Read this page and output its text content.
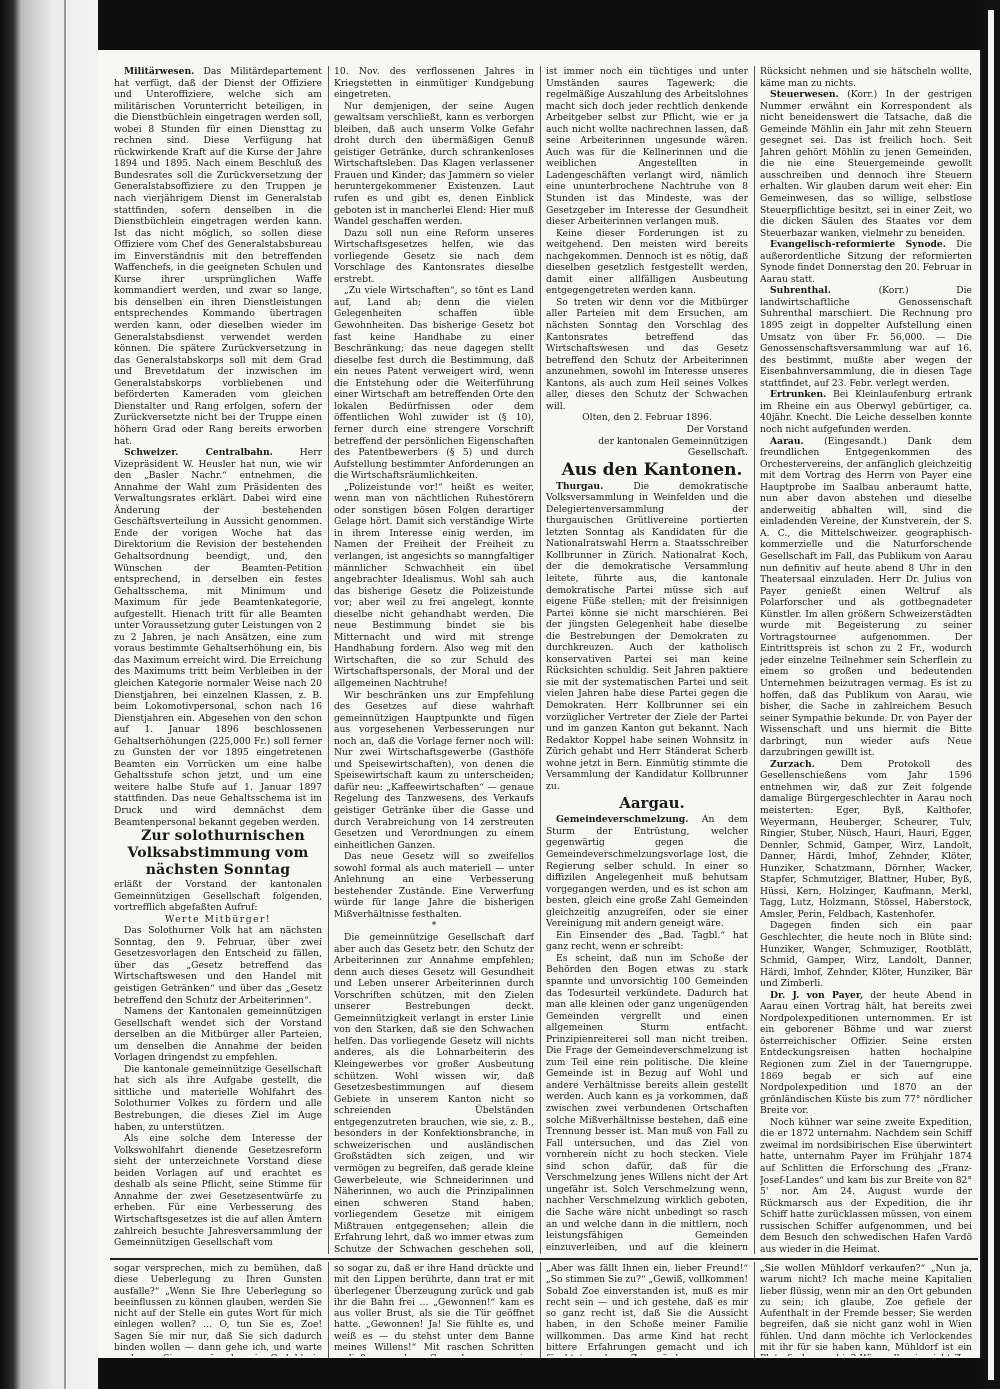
Militärwesen. Das Militärdepartement hat verfügt, daß der Dienst der Offiziere und Unteroffiziere, welche sich am militärischen Vorunterricht beteiligen, in die Dienstbüchlein eingetragen werden soll, wobei 8 Stunden für einen Diensttag zu rechnen sind. Diese Verfügung hat rückwirkende Kraft auf die Kurse der Jahre 1894 und 1895. Nach einem Beschluß des Bundesrates soll die Zurückversetzung der Generalstabsoffiziere zu den Truppen je nach vierjährigem Dienst im Generalstab stattfinden, sofern denselben in die Dienstbüchlein eingetragen werden kann. Ist das nicht möglich, so sollen diese Offiziere vom Chef des Generalstabsbureau im Einverständnis mit den betreffenden Waffenchefs, in die geeigneten Schulen und Kurse ihrer ursprünglichen Waffe kommandiert werden, und zwar so lange, bis denselben ein ihren Dienstleistungen entsprechendes Kommando übertragen werden kann, oder dieselben wieder im Generalstabsdienst verwendet werden können. Die spätere Zurückversetzung in das Generalstabskorps soll mit dem Grad und Brevetdatum der inzwischen im Generalstabskorps vorbliebenen und beförderten Kameraden vom gleichen Dienstalter und Rang erfolgen, sofern der Zurückversetzte nicht bei der Truppe einen höhern Grad oder Rang bereits erworben hat.

Schweizer. Centralbahn.	Herr Vizepräsident W. Heusler hat nun, wie wir den „Basler Nachr.“ entnehmen, die Annahme der Wahl zum Präsidenten des Verwaltungsrates erklärt. Dabei wird eine Änderung der bestehenden Geschäftsverteilung in Aussicht genommen. Ende der vorigen Woche hat das Direktorium die Revision der bestehenden Gehaltsordnung beendigt, und, den Wünschen der Beamten-Petition entsprechend, in derselben ein festes Gehaltsschema, mit Minimum und Maximum für jede Beamtenkategorie, aufgestellt. Hienach tritt für alle Beamten unter Voraussetzung guter Leistungen von 2 zu 2 Jahren, je nach Ansätzen, eine zum voraus bestimmte Gehaltserhöhung ein, bis das Maximum erreicht wird. Die Erreichung des Maximums tritt beim Verbleiben in der gleichen Kategorie normaler Weise nach 20 Dienstjahren, bei einzelnen Klassen, z. B. beim Lokomotivpersonal, schon nach 16 Dienstjahren ein. Abgesehen von den schon auf 1. Januar 1896 beschlossenen Gehaltserhöhungen (225,000 Fr.) soll ferner zu Gunsten der vor 1895 eingetretenen Beamten ein Vorrücken um eine halbe Gehaltsstufe schon jetzt, und um eine weitere halbe Stufe auf 1. Januar 1897 stattfinden. Das neue Gehaltsschema ist im Druck und wird demnächst dem Beamtenpersonal bekannt gegeben werden.

Zur solothurnischen Volksabstimmung vom nächsten Sonntag

erläßt der Vorstand der kantonalen Gemeinnützigen Gesellschaft folgenden, vortrefflich abgefaßten Aufruf:

Werte Mitbürger!

Das Solothurner Volk hat am nächsten Sonntag, den 9. Februar, über zwei Gesetzesvorlagen den Entscheid zu fällen, über das „Gesetz betreffend das Wirtschaftswesen und den Handel mit geistigen Getränken“ und über das „Gesetz betreffend den Schutz der Arbeiterinnen“.

Namens der Kantonalen gemeinnützigen Gesellschaft wendet sich der Vorstand derselben an die Mitbürger aller Parteien, um denselben die Annahme der beiden Vorlagen dringendst zu empfehlen.

Die kantonale gemeinnützige Gesellschaft hat sich als ihre Aufgabe gestellt, die sittliche und materielle Wohlfahrt des Solothurner Volkes zu fördern und alle Bestrebungen, die dieses Ziel im Auge haben, zu unterstützen.

Als eine solche dem Interesse der Volkswohlfahrt dienende Gesetzesreform sieht der unterzeichnete Vorstand diese beiden Vorlagen auf und erachtet es deshalb als seine Pflicht, seine Stimme für Annahme der zwei Gesetzesentwürfe zu erheben. Für eine Verbesserung des Wirtschaftsgesetzes ist die auf allen Ämtern zahlreich besuchte Jahresversammlung der Gemeinnützigen Gesellschaft vom

10. Nov. des verflossenen Jahres in Kriegstetten in einmütiger Kundgebung eingetreten.

Nur demjenigen, der seine Augen gewaltsam verschließt, kann es verborgen bleiben, daß auch unserm Volke Gefahr droht durch den übermäßigen Genuß geistiger Getränke, durch schrankenloses Wirtschaftsleben. Das Klagen verlassener Frauen und Kinder; das Jammern so vieler heruntergekommener Existenzen. Laut rufen es und gibt es, denen Einblick geboten ist in mancherlei Elend: Hier muß Wandel geschaffen werden.

Dazu soll nun eine Reform unseres Wirtschaftsgesetzes helfen, wie das vorliegende Gesetz sie nach dem Vorschlage des Kantonsrates dieselbe erstrebt.

„Zu viele Wirtschaften“, so tönt es Land auf, Land ab; denn die vielen Gelegenheiten schaffen üble Gewohnheiten. Das bisherige Gesetz bot fast keine Handhabe zu einer Beschränkung; das neue dagegen stellt dieselbe fest durch die Bestimmung, daß ein neues Patent verweigert wird, wenn die Entstehung oder die Weiterführung einer Wirtschaft am betreffenden Orte den lokalen Bedürfnissen oder dem öffentlichen Wohl zuwider ist (§ 10), ferner durch eine strengere Vorschrift betreffend der persönlichen Eigenschaften des Patentbewerbers (§ 5) und durch Aufstellung bestimmter Anforderungen an die Wirtschaftsräumlichkeiten.

„Polizeistunde vor!“ heißt es weiter, wenn man von nächtlichen Ruhestörern oder sonstigen bösen Folgen derartiger Gelage hört. Damit sich verständige Wirte in ihrem Interesse einig werden, im Namen der Freiheit der Freiheit zu verlangen, ist angesichts so manngfaltiger männlicher Schwachheit ein übel angebrachter Idealismus. Wohl sah auch das bisherige Gesetz die Polizeistunde vor; aber weil zu frei angelegt, konnte dieselbe nicht gehandhabt werden. Die neue Bestimmung bindet sie bis Mitternacht und wird mit strenge Handhabung fordern. Also weg mit den Wirtschaften, die so zur Schuld des Wirtschaftspersonals, der Moral und der allgemeinen Nachtruhe!

Wir beschränken uns zur Empfehlung des Gesetzes auf diese wahrhaft gemeinnützigen Hauptpunkte und fügen aus vorgesehenen Verbesserungen nur noch an, daß die Vorlage ferner noch will: Nur zwei Wirtschaftsgewerbe (Gasthöfe und Speisewirtschaften), von denen die Speisewirtschaft kaum zu unterscheiden; dafür neu: „Kaffeewirtschaften“ — genaue Regelung des Tanzwesens, des Verkaufs geistiger Getränke über die Gasse und durch Verabreichung von 14 zerstreuten Gesetzen und Verordnungen zu einem einheitlichen Ganzen.

Das neue Gesetz will so zweifellos sowohl formal als auch materiell — unter Anlehnung an eine Verbesserung bestehender Zustände. Eine Verwerfung würde für lange Jahre die bisherigen Mißverhältnisse festhalten.

*

Die gemeinnützige Gesellschaft darf aber auch das Gesetz betr. den Schutz der Arbeiterinnen zur Annahme empfehlen; denn auch dieses Gesetz will Gesundheit und Leben unserer Arbeiterinnen durch Vorschriften schützen, mit den Zielen unserer Bestrebungen deckt. Gemeinnützigkeit verlangt in erster Linie von den Starken, daß sie den Schwachen helfen. Das vorliegende Gesetz will nichts anderes, als die Lohnarbeiterin des Kleingewerbes vor großer Ausbeutung schützen. Wohl wissen wir, daß Gesetzesbestimmungen auf diesem Gebiete in unserem Kanton nicht so schreienden Übelständen entgegenzutreten brauchen, wie sie, z. B., besonders in der Konfektionsbranche, in schweizerischen und ausländischen Großstädten sich zeigen, und wir vermögen zu begreifen, daß gerade kleine Gewerbeleute, wie Schneiderinnen und Näherinnen, wo auch die Prinzipalinnen einen schweren Stand haben, vorliegendem Gesetze mit einigem Mißtrauen entgegensehen; allein die Erfahrung lehrt, daß wo immer etwas zum Schutze der Schwachen geschehen soll,

ist immer noch ein tüchtiges und unter Umständen saures Tagewerk; die regelmäßige Auszahlung des Arbeitslohnes macht sich doch jeder rechtlich denkende Arbeitgeber selbst zur Pflicht, wie er ja auch nicht wollte nachrechnen lassen, daß seine Arbeiterinnen ungesunde wären. Auch was für die Kellnerinnen und die weiblichen Angestellten in Ladengeschäften verlangt wird, nämlich eine ununterbrochene Nachtruhe von 8 Stunden ist das Mindeste, was der Gesetzgeber im Interesse der Gesundheit dieser Arbeiterinnen verlangen muß.

Keine dieser Forderungen ist zu weitgehend. Den meisten wird bereits nachgekommen. Dennoch ist es nötig, daß dieselben gesetzlich festgestellt werden, damit einer allfälligen Ausbeutung entgegengetreten werden kann.

So treten wir denn vor die Mitbürger aller Parteien mit dem Ersuchen, am nächsten Sonntag den Vorschlag des Kantonsrates betreffend das Wirtschaftswesen und das Gesetz betreffend den Schutz der Arbeiterinnen anzunehmen, sowohl im Interesse unseres Kantons, als auch zum Heil seines Volkes aller, dieses den Schutz der Schwachen will.

Olten, den 2. Februar 1896.

Der Vorstand

der kantonalen Gemeinnützigen Gesellschaft.

Aus den Kantonen.

Thurgau.	Die demokratische Volksversammlung in Weinfelden und die Delegiertenversammlung der thurgauischen Grütlivereine portierten letzten Sonntag als Kandidaten für die Nationalratswahl Herrn a. Staatsschreiber Kollbrunner in Zürich. Nationalrat Koch, der die demokratische Versammlung leitete, führte aus, die kantonale demokratische Partei müsse sich auf eigene Füße stellen; mit der freisinnigen Partei könne sie nicht marschieren. Bei der jüngsten Gelegenheit habe dieselbe die Bestrebungen der Demokraten zu durchkreuzen. Auch der katholisch konservativen Partei sei man keine Rücksichten schuldig. Seit Jahren paktiere sie mit der systematischen Partei und seit vielen Jahren habe diese Partei gegen die Demokraten. Herr Kollbrunner sei ein vorzüglicher Vertreter der Ziele der Partei und im ganzen Kanton gut bekannt. Nach Redaktor Koppel habe seinen Wohnsitz in Zürich gehabt und Herr Ständerat Scherb wohne jetzt in Bern. Einmütig stimmte die Versammlung der Kandidatur Kollbrunner zu.

Aargau.

Gemeindeverschmelzung. An dem Sturm der Entrüstung, welcher gegenwärtig gegen die Gemeindeverschmelzungsvorlage lost, die Regierung selber schuld. In einer so diffizilen Angelegenheit muß behutsam vorgegangen werden, und es ist schon am besten, gleich eine große Zahl Gemeinden gleichzeitig anzugreifen, oder sie einer Vereinigung mit andern geneigt wäre.

Ein Einsender des „Bad. Tagbl.“ hat ganz recht, wenn er schreibt:

Es scheint, daß nun im Schoße der Behörden den Bogen etwas zu stark spannte und unvorsichtig 100 Gemeinden das Todesurteil verkündete. Dadurch hat man alle kleinen oder ganz ungenügenden Gemeinden vergrellt und einen allgemeinen Sturm entfacht. Prinzipienreiterei soll man nicht treiben. Die Frage der Gemeindeverschmelzung ist zum Teil eine rein politische. Die kleine Gemeinde ist in Bezug auf Wohl und andere Verhältnisse bereits allein gestellt werden. Auch kann es ja vorkommen, daß zwischen zwei verbundenen Ortschaften solche Mißverhältnisse bestehen, daß eine Trennung besser ist. Man muß von Fall zu Fall untersuchen, und das Ziel von vornherein nicht zu hoch stecken. Viele sind schon dafür, daß für die Verschmelzung jenes Willens nicht der Art ungefähr ist. Solch Verschmelzung wenn, nachher Verschmelzung wirklich geboten, die Sache wäre nicht unbedingt so rasch an und welche dann in die mittlern, noch leistungsfähigen Gemeinden einzuverleiben, und auf die kleinern

Rücksicht nehmen und sie hätscheln wollte, käme man zu nichts.

Steuerwesen. (Korr.) In der gestrigen Nummer erwähnt ein Korrespondent als nicht beneidenswert die Tatsache, daß die Gemeinde Möhlin ein Jahr mit zehn Steuern gesegnet sei. Das ist freilich hoch. Seit Jahren gehört Möhlin zu jenen Gemeinden, die nie eine Steuergemeinde gewollt ausschreiben und dennoch ihre Steuern erhalten. Wir glauben darum weit eher: Ein Gemeinwesen, das so willige, selbstlose Steuerpflichtige besitzt, sei in einer Zeit, wo die dicken Säulen des Staates vor dem Steuerbazar wanken, vielmehr zu beneiden.

Evangelisch-reformierte Synode. Die außerordentliche Sitzung der reformierten Synode findet Donnerstag den 20. Februar in Aarau statt.

Suhrenthal.	(Korr.) Die landwirtschaftliche Genossenschaft Suhrenthal marschiert. Die Rechnung pro 1895 zeigt in doppelter Aufstellung einen Umsatz von über Fr. 56,000. — Die Genossenschaftsversammlung war auf 16. des bestimmt, mußte aber wegen der Eisenbahnversammlung, die in diesen Tage stattfindet, auf 23. Febr. verlegt werden.

Ertrunken. Bei Kleinlaufenburg ertrank im Rheine ein aus Oberwyl gebürtiger, ca. 40jähr. Knecht. Die Leiche desselben konnte noch nicht aufgefunden werden.

Aarau. (Eingesandt.) Dank dem freundlichen Entgegenkommen des Orchestervereins, der anfänglich gleichzeitig mit dem Vortrag des Herrn von Payer eine Hauptprobe im Saalbau anberaumt hatte, nun aber davon abstehen und dieselbe anderweitig abhalten will, sind die einladenden Vereine, der Kunstverein, der S. A. C., die Mittelschweizer. geographisch-kommerzielle und die Naturforschende Gesellschaft im Fall, das Publikum von Aarau nun definitiv auf heute abend 8 Uhr in den Theatersaal einzuladen. Herr Dr. Julius von Payer genießt einen Weltruf als Polarforscher und als gottbegnadeter Künstler. Im allen größern Schweizerstädten wurde mit Begeisterung zu seiner Vortragstournee aufgenommen. Der Eintrittspreis ist schon zu 2 Fr., wodurch jeder einzelne Teilnehmer sein Scherflein zu einem so großen und bedeutenden Unternehmen beizutragen vermag. Es ist zu hoffen, daß das Publikum von Aarau, wie bisher, die Sache in zahlreichem Besuch seiner Sympathie bekunde. Dr. von Payer der Wissenschaft und uns hiermit die Bitte darbringt, nun wieder aufs Neue darzubringen gewillt ist.

Zurzach.	Dem Protokoll des Gesellenschießens vom Jahr 1596 entnehmen wir, daß zur Zeit folgende damalige Bürgergeschlechter in Aarau noch meisterten: Eger, Byß, Kalthofer, Weyermann, Heuberger, Scheurer, Tulv, Ringier, Stuber, Nüsch, Hauri, Hauri, Egger, Dennler, Schmid, Gamper, Wirz, Landolt, Danner, Härdi, Imhof, Zehnder, Klöter, Hunziker, Schatzmann, Dörnher, Wacker, Stapfer, Schmutziger, Blattner, Huber, Byß, Hüssi, Kern, Holzinger, Kaufmann, Merkl, Tagg, Lutz, Holzmann, Stössel, Haberstock, Amsler, Perin, Feldbach, Kastenhofer.

Dagegen finden sich ein paar Geschlechter, die heute noch in Blüte sind: Hunziker, Wanger, Schmuziger, Rootblätt, Schmid, Gamper, Wirz, Landolt, Danner, Härdi, Imhof, Zehnder, Klöter, Hunziker, Bär und Zimberli.

Dr. J. von Payer, der heute Abend in Aarau einen Vortrag hält, hat bereits zwei Nordpolexpeditionen unternommen. Er ist ein geborener Böhme und war zuerst österreichischer Offizier. Seine ersten Entdeckungsreisen hatten hochalpine Regionen zum Ziel in der Tauerngruppe. 1869 begab er sich auf eine Nordpolexpedition und 1870 an der grönländischen Küste bis zum 77° nördlicher Breite vor.

Noch kühner war seine zweite Expedition, die er 1872 unternahm. Nachdem sein Schiff zweimal im nordsibirischen Eise überwintert hatte, unternahm Payer im Frühjahr 1874 auf Schlitten die Erforschung des „Franz-Josef-Landes“ und kam bis zur Breite von 82° 5' nor. Am 24. August wurde der Rückmarsch aus der Expedition, die ihr Schiff hatte zurücklassen müssen, von einem russischen Schiffer aufgenommen, und bei dem Besuch den schwedischen Hafen Vardö aus wieder in die Heimat.

sogar versprechen, mich zu bemühen, daß diese Ueberlegung zu Ihren Gunsten ausfalle?“ „Wenn Sie Ihre Ueberlegung so beeinflussen zu können glauben, werden Sie nicht auf der Stelle ein gutes Wort für mich einlegen wollen? … O, tun Sie es, Zoe! Sagen Sie mir nur, daß Sie sich dadurch binden wollen — dann gehe ich, und warte

so sogar zu, daß er ihre Hand drückte und mit den Lippen berührte, dann trat er mit überlegener Überzeugung zurück und gab ihr die Bahn frei … „Gewonnen!“ kam es aus voller Brust, als sie die Tür geöffnet hatte. „Gewonnen! Ja! Sie fühlte es, und weiß es — du stehst unter dem Banne meines Willens!“ Mit raschen Schritten

„Aber was fällt Ihnen ein, lieber Freund!“ „So stimmen Sie zu?“ „Gewiß, vollkommen! Sobald Zoe einverstanden ist, muß es mir recht sein — und ich gestehe, daß es mir so ganz recht ist, daß Sie die Aussicht haben, in den Schoße meiner Familie willkommen. Das arme Kind hat recht bittere Erfahrungen gemacht und ich

„Sie wollen Mühldorf verkaufen?“ „Nun ja, warum nicht? Ich mache meine Kapitalien lieber flüssig, wenn mir an den Ort gebunden zu sein; ich glaube, Zoe gefiele der Aufenthalt in der Fremde besser; Sie werden begreifen, daß sie nicht ganz wohl in Wien fühlen. Und dann möchte ich Verlockendes mit ihr für sie haben kann, Mühldorf ist ein
